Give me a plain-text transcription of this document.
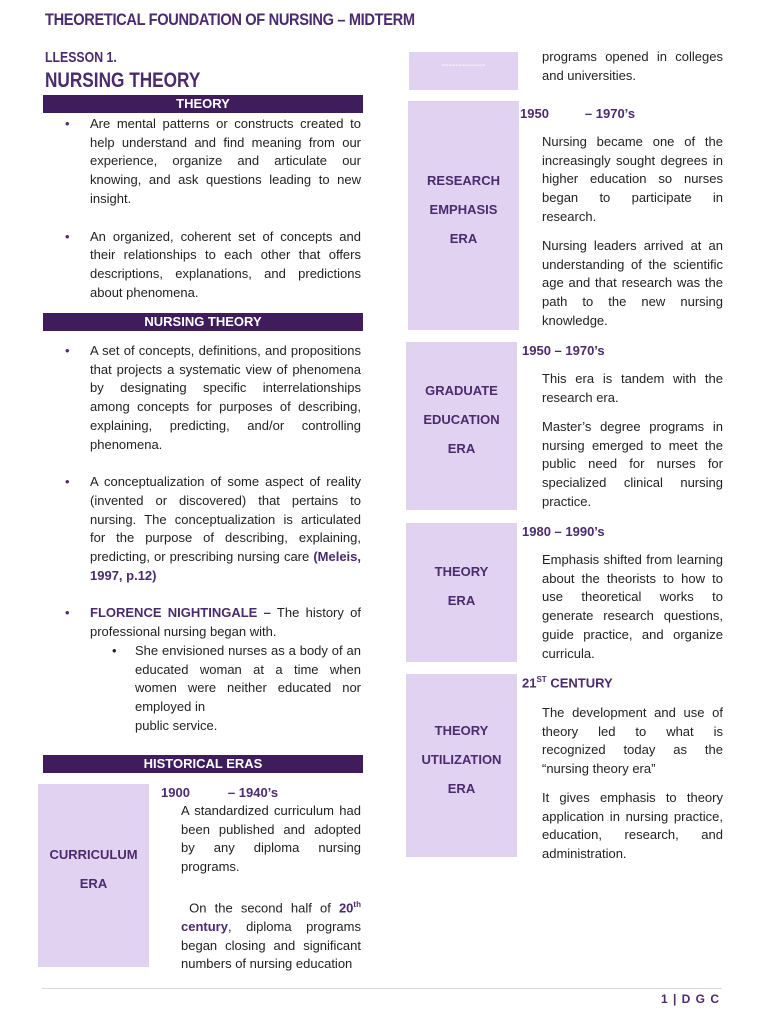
THEORETICAL FOUNDATION OF NURSING – MIDTERM
LLESSON 1.
NURSING THEORY
THEORY
• Are mental patterns or constructs created to help understand and find meaning from our experience, organize and articulate our knowing, and ask questions leading to new insight.
• An organized, coherent set of concepts and their relationships to each other that offers descriptions, explanations, and predictions about phenomena.
NURSING THEORY
• A set of concepts, definitions, and propositions that projects a systematic view of phenomena by designating specific interrelationships among concepts for purposes of describing, explaining, predicting, and/or controlling phenomena.
• A conceptualization of some aspect of reality (invented or discovered) that pertains to nursing. The conceptualization is articulated for the purpose of describing, explaining, predicting, or prescribing nursing care (Meleis, 1997, p.12)
• FLORENCE NIGHTINGALE – The history of professional nursing began with.
• She envisioned nurses as a body of an educated woman at a time when women were neither educated nor employed in
public service.
HISTORICAL ERAS
CURRICULUM
ERA
1900	– 1940’s
A standardized curriculum had been published and adopted by any diploma nursing programs.
On the second half of 20th century, diploma programs began closing and significant numbers of nursing education
-------------
programs opened in colleges and universities.
RESEARCH
EMPHASIS
ERA
1950	– 1970’s
Nursing became one of the increasingly sought degrees in higher education so nurses began to participate in research.
Nursing leaders arrived at an understanding of the scientific age and that research was the path to the new nursing knowledge.
GRADUATE
EDUCATION
ERA
1950 – 1970’s
This era is tandem with the research era.
Master’s degree programs in nursing emerged to meet the public need for nurses for specialized clinical nursing practice.
THEORY
ERA
1980 – 1990’s
Emphasis shifted from learning about the theorists to how to use theoretical works to generate research questions, guide practice, and organize curricula.
THEORY
UTILIZATION
ERA
21ST CENTURY
The development and use of theory led to what is recognized today as the “nursing theory era”
It gives emphasis to theory application in nursing practice, education, research, and administration.
1 | D G C
